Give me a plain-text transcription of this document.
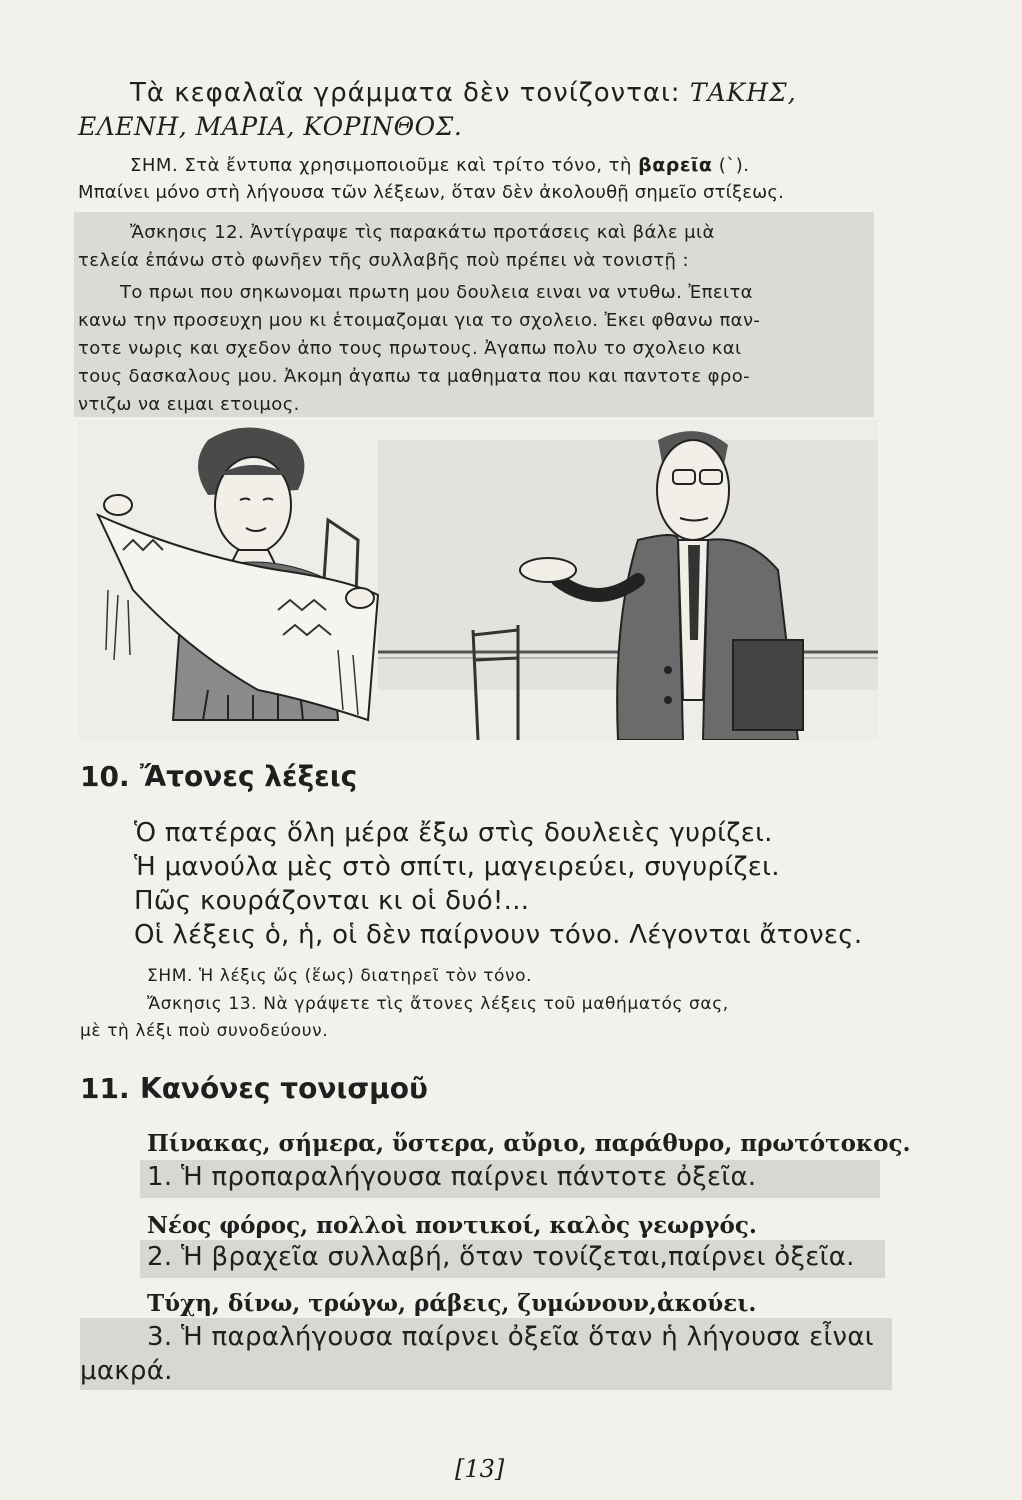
Τὰ κεφαλαῖα γράμματα δὲν τονίζονται: ΤΑΚΗΣ,
ΕΛΕΝΗ, ΜΑΡΙΑ, ΚΟΡΙΝΘΟΣ.
ΣΗΜ. Στὰ ἔντυπα χρησιμοποιοῦμε καὶ τρίτο τόνο, τὴ βαρεῖα (`).
Μπαίνει μόνο στὴ λήγουσα τῶν λέξεων, ὅταν δὲν ἀκολουθῇ σημεῖο στίξεως.
Ἄσκησις 12. Ἀντίγραψε τὶς παρακάτω προτάσεις καὶ βάλε μιὰ
τελεία ἐπάνω στὸ φωνῆεν τῆς συλλαβῆς ποὺ πρέπει νὰ τονιστῇ :
Το πρωι που σηκωνομαι πρωτη μου δουλεια ειναι να ντυθω. Ἐπειτα
κανω την προσευχη μου κι ἑτοιμαζομαι για το σχολειο. Ἐκει φθανω παν-
τοτε νωρις και σχεδον ἀπο τους πρωτους. Ἀγαπω πολυ το σχολειο και
τους δασκαλους μου. Ἀκομη ἀγαπω τα μαθηματα που και παντοτε φρο-
ντιζω να ειμαι ετοιμος.
10. Ἄτονες λέξεις
Ὁ πατέρας ὅλη μέρα ἔξω στὶς δουλειὲς γυρίζει.
Ἡ μανούλα μὲς στὸ σπίτι, μαγειρεύει, συγυρίζει.
Πῶς κουράζονται κι οἱ δυό!...
Οἱ λέξεις ὁ, ἡ, οἱ δὲν παίρνουν τόνο. Λέγονται ἄτονες.
ΣΗΜ. Ἡ λέξις ὥς (ἕως) διατηρεῖ τὸν τόνο.
Ἄσκησις 13. Νὰ γράψετε τὶς ἄτονες λέξεις τοῦ μαθήματός σας,
μὲ τὴ λέξι ποὺ συνοδεύουν.
11. Κανόνες τονισμοῦ
Πίνακας, σήμερα, ὕστερα, αὔριο, παράθυρο, πρωτότοκος.
1. Ἡ προπαραλήγουσα παίρνει πάντοτε ὀξεῖα.
Νέος φόρος, πολλοὶ ποντικοί, καλὸς γεωργός.
2. Ἡ βραχεῖα συλλαβή, ὅταν τονίζεται,παίρνει ὀξεῖα.
Τύχη, δίνω, τρώγω, ράβεις, ζυμώνουν,ἀκούει.
3. Ἡ παραλήγουσα παίρνει ὀξεῖα ὅταν ἡ λήγουσα εἶναι
μακρά.
[13]
